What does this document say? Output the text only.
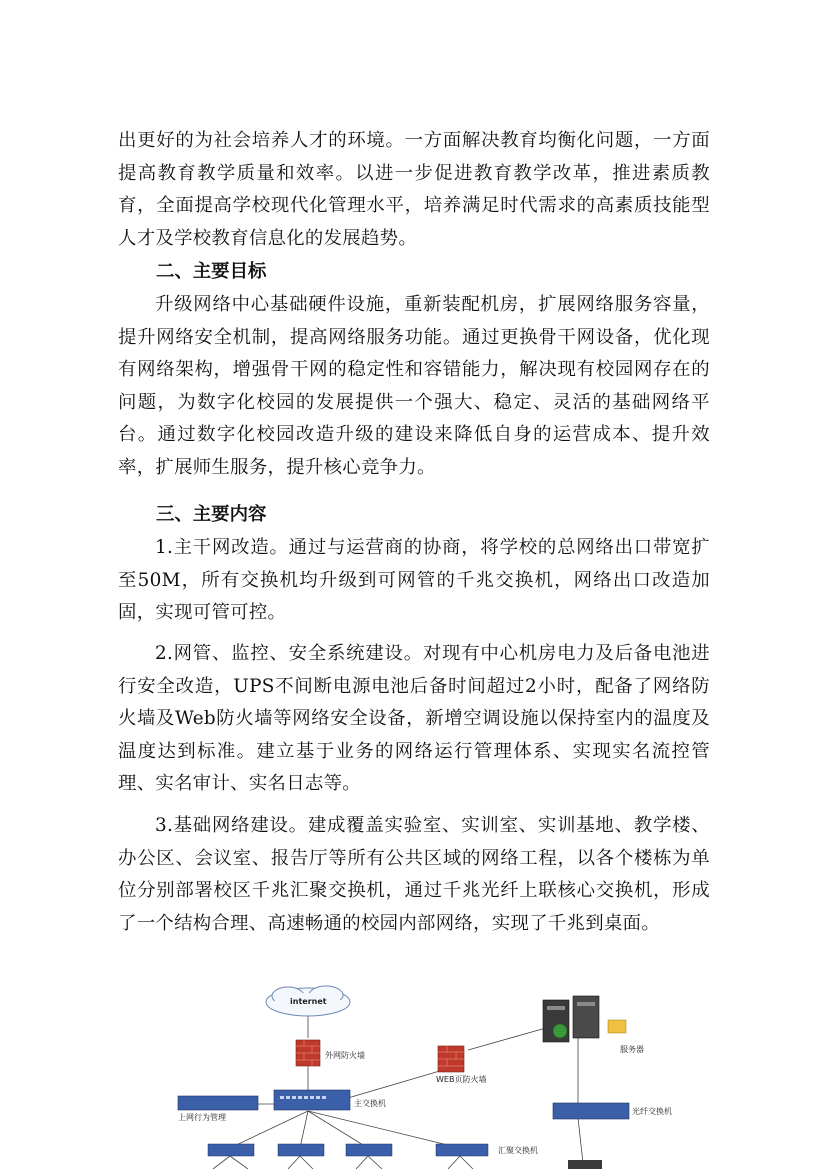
出更好的为社会培养人才的环境。一方面解决教育均衡化问题，一方面提高教育教学质量和效率。以进一步促进教育教学改革，推进素质教育，全面提高学校现代化管理水平，培养满足时代需求的高素质技能型人才及学校教育信息化的发展趋势。

二、主要目标

升级网络中心基础硬件设施，重新装配机房，扩展网络服务容量，提升网络安全机制，提高网络服务功能。通过更换骨干网设备，优化现有网络架构，增强骨干网的稳定性和容错能力，解决现有校园网存在的问题，为数字化校园的发展提供一个强大、稳定、灵活的基础网络平台。通过数字化校园改造升级的建设来降低自身的运营成本、提升效率，扩展师生服务，提升核心竞争力。

三、主要内容

1.主干网改造。通过与运营商的协商，将学校的总网络出口带宽扩至50M，所有交换机均升级到可网管的千兆交换机，网络出口改造加固，实现可管可控。

2.网管、监控、安全系统建设。对现有中心机房电力及后备电池进行安全改造，UPS不间断电源电池后备时间超过2小时，配备了网络防火墙及Web防火墙等网络安全设备，新增空调设施以保持室内的温度及温度达到标准。建立基于业务的网络运行管理体系、实现实名流控管理、实名审计、实名日志等。

3.基础网络建设。建成覆盖实验室、实训室、实训基地、教学楼、办公区、会议室、报告厅等所有公共区域的网络工程，以各个楼栋为单位分别部署校区千兆汇聚交换机，通过千兆光纤上联核心交换机，形成了一个结构合理、高速畅通的校园内部网络，实现了千兆到桌面。

internet
外网防火墙
WEB页防火墙
服务器
上网行为管理
主交换机
光纤交换机
汇聚交换机
